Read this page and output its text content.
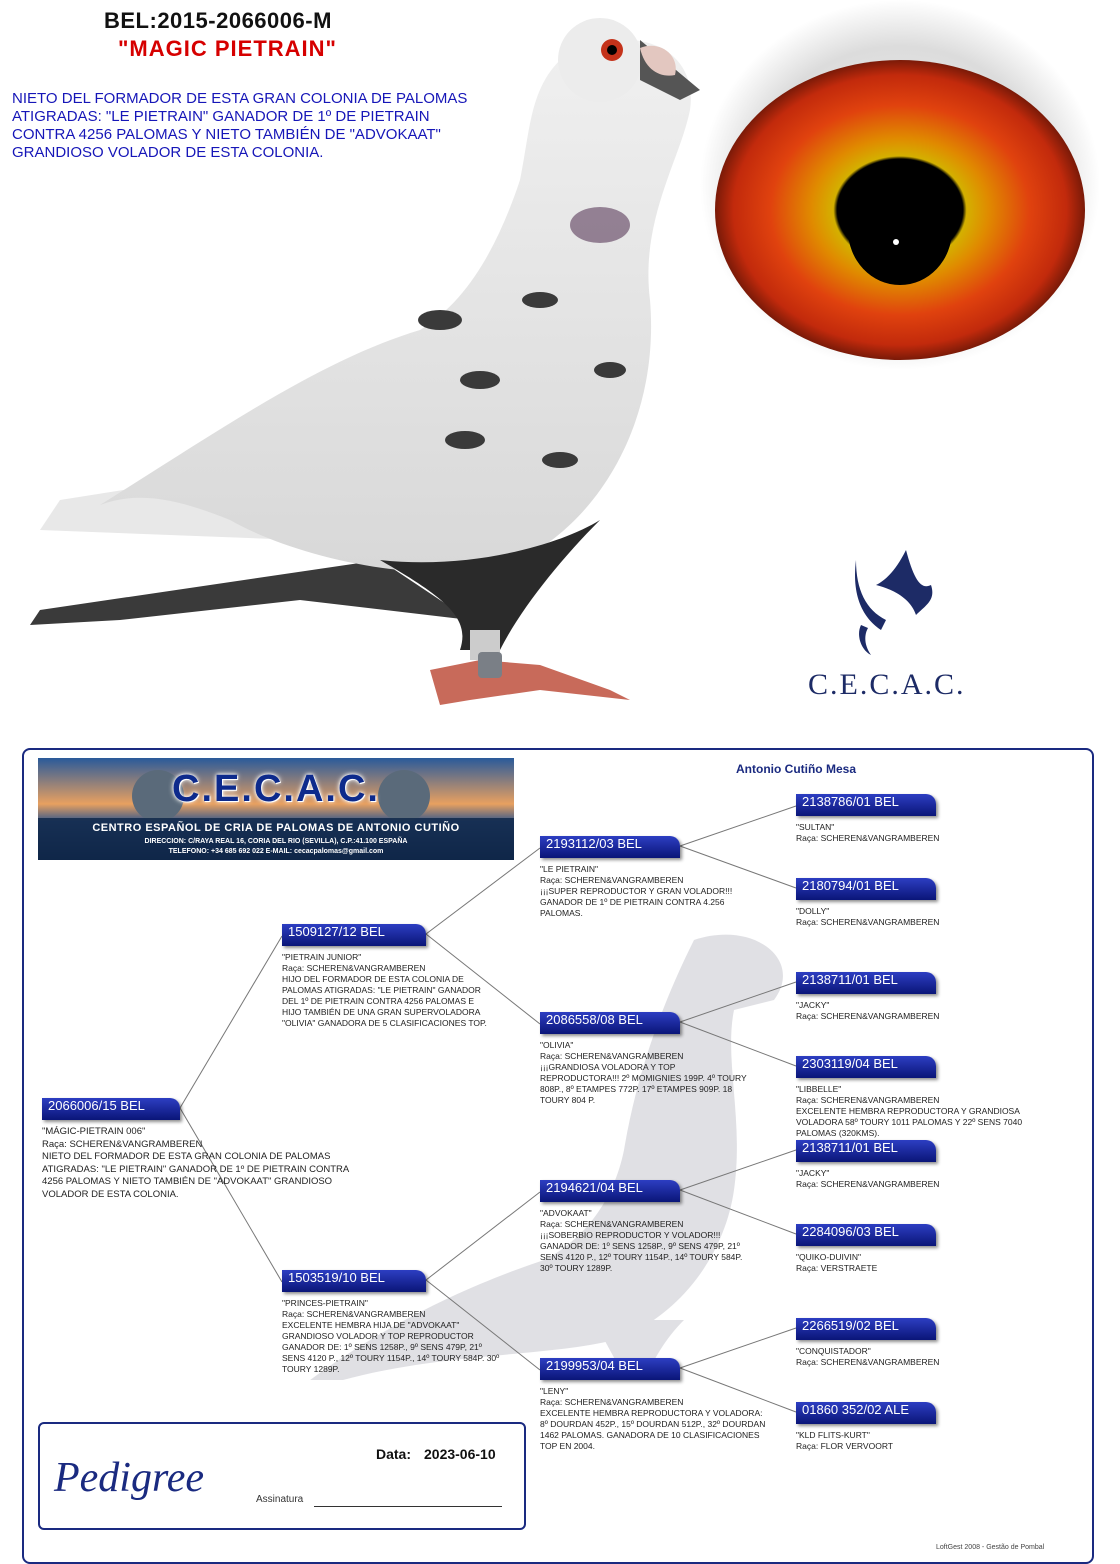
BEL:2015-2066006-M
"MAGIC PIETRAIN"

NIETO DEL FORMADOR DE ESTA GRAN COLONIA DE PALOMAS ATIGRADAS: "LE PIETRAIN" GANADOR DE 1º DE PIETRAIN CONTRA 4256 PALOMAS Y NIETO TAMBIÉN DE "ADVOKAAT" GRANDIOSO VOLADOR DE ESTA COLONIA.

C.E.C.A.C.
C.E.C.A.C.
CENTRO ESPAÑOL DE CRIA DE PALOMAS DE ANTONIO CUTIÑO
DIRECCION: C/RAYA REAL 16, CORIA DEL RIO (SEVILLA), C.P.:41.100 ESPAÑA
TELEFONO: +34 685 692 022 E-MAIL: cecacpalomas@gmail.com
Antonio Cutiño Mesa
2066006/15 BEL
"MÁGIC-PIETRAIN 006"
Raça: SCHEREN&VANGRAMBEREN
NIETO DEL FORMADOR DE ESTA GRAN COLONIA DE PALOMAS ATIGRADAS: "LE PIETRAIN" GANADOR DE 1º DE PIETRAIN CONTRA 4256 PALOMAS Y NIETO TAMBIÉN DE "ADVOKAAT" GRANDIOSO VOLADOR DE ESTA COLONIA.
1509127/12 BEL
"PIETRAIN JUNIOR"
Raça: SCHEREN&VANGRAMBEREN
HIJO DEL FORMADOR DE ESTA COLONIA DE PALOMAS ATIGRADAS: "LE PIETRAIN" GANADOR DEL 1º DE PIETRAIN CONTRA 4256 PALOMAS E HIJO TAMBIÉN DE UNA GRAN SUPERVOLADORA "OLIVIA" GANADORA DE 5 CLASIFICACIONES TOP.
1503519/10 BEL
"PRINCES-PIETRAIN"
Raça: SCHEREN&VANGRAMBEREN
EXCELENTE HEMBRA HIJA DE "ADVOKAAT" GRANDIOSO VOLADOR Y TOP REPRODUCTOR GANADOR DE: 1º SENS 1258P., 9º SENS 479P, 21º SENS 4120 P., 12º TOURY 1154P., 14º TOURY 584P. 30º TOURY 1289P.
2193112/03 BEL
"LE PIETRAIN"
Raça: SCHEREN&VANGRAMBEREN
¡¡¡SUPER REPRODUCTOR Y GRAN VOLADOR!!! GANADOR DE 1º DE PIETRAIN CONTRA 4.256 PALOMAS.
2086558/08 BEL
"OLIVIA"
Raça: SCHEREN&VANGRAMBEREN
¡¡¡GRANDIOSA VOLADORA Y TOP REPRODUCTORA!!! 2º MOMIGNIES 199P. 4º TOURY 808P., 8º ETAMPES 772P. 17º ETAMPES 909P. 18 TOURY 804 P.
2194621/04 BEL
"ADVOKAAT"
Raça: SCHEREN&VANGRAMBEREN
¡¡¡SOBERBIO REPRODUCTOR Y VOLADOR!!! GANADOR DE: 1º SENS 1258P., 9º SENS 479P, 21º SENS 4120 P., 12º TOURY 1154P., 14º TOURY 584P. 30º TOURY 1289P.
2199953/04 BEL
"LENY"
Raça: SCHEREN&VANGRAMBEREN
EXCELENTE HEMBRA REPRODUCTORA Y VOLADORA: 8º DOURDAN 452P., 15º DOURDAN 512P., 32º DOURDAN 1462 PALOMAS. GANADORA DE 10 CLASIFICACIONES TOP EN 2004.
2138786/01 BEL
"SULTAN"
Raça: SCHEREN&VANGRAMBEREN
2180794/01 BEL
"DOLLY"
Raça: SCHEREN&VANGRAMBEREN
2138711/01 BEL
"JACKY"
Raça: SCHEREN&VANGRAMBEREN
2303119/04 BEL
"LIBBELLE"
Raça: SCHEREN&VANGRAMBEREN
EXCELENTE HEMBRA REPRODUCTORA Y GRANDIOSA VOLADORA 58º TOURY 1011 PALOMAS Y 22º SENS 7040 PALOMAS (320KMS).
2138711/01 BEL
"JACKY"
Raça: SCHEREN&VANGRAMBEREN
2284096/03 BEL
"QUIKO-DUIVIN"
Raça: VERSTRAETE
2266519/02 BEL
"CONQUISTADOR"
Raça: SCHEREN&VANGRAMBEREN
01860 352/02 ALE
"KLD FLITS-KURT"
Raça: FLOR VERVOORT
Pedigree
Data: 2023-06-10
Assinatura
LoftGest 2008 - Gestão de Pombal
